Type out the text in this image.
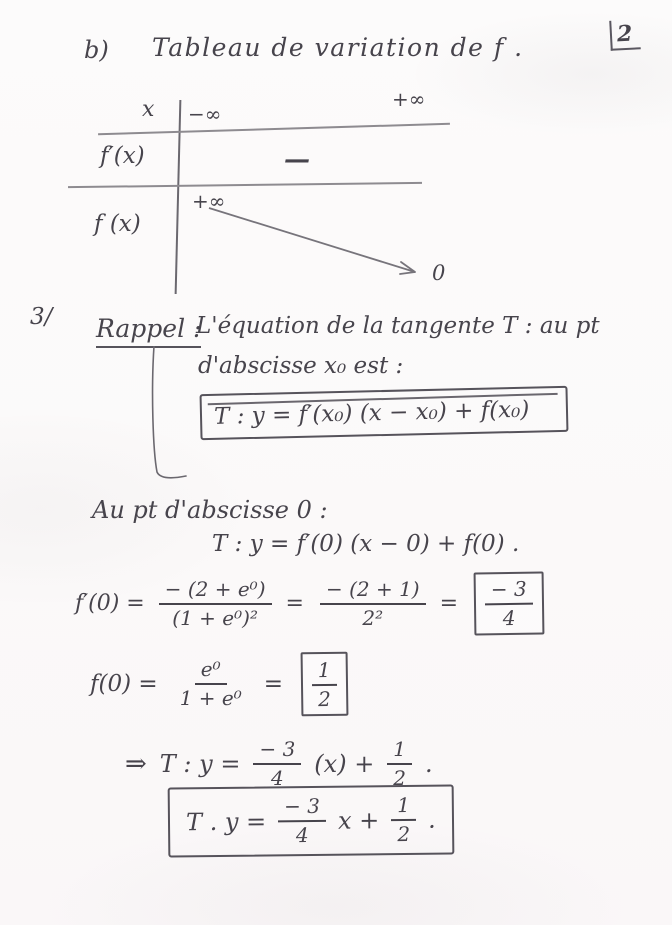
2
b) Tableau de variation de f .
x −∞
+∞
f′(x)	—
+∞
f (x)
0
3/ Rappel :
L'équation de la tangente T : au pt
d'abscisse x₀ est :
T : y = f′(x₀) (x − x₀) + f(x₀)
Au pt d'abscisse 0 :
T : y = f′(0) (x − 0) + f(0) .
$f'(0) = \frac{\text{− (2 + e⁰)}}{\text{(1 + e⁰)²}} = \frac{- (2 + 1)}{\text{2²}} = \frac{- 3}{4}$
$f(0) = \frac{\text{e⁰}}{\text{1 + e⁰}} = \frac{1}{2}$
⇒ T : $y = \frac{- 3}{4} (x) + \frac{1}{2}$ .
T . $y = \frac{- 3}{4}$ $x + \frac{1}{2}$ .
